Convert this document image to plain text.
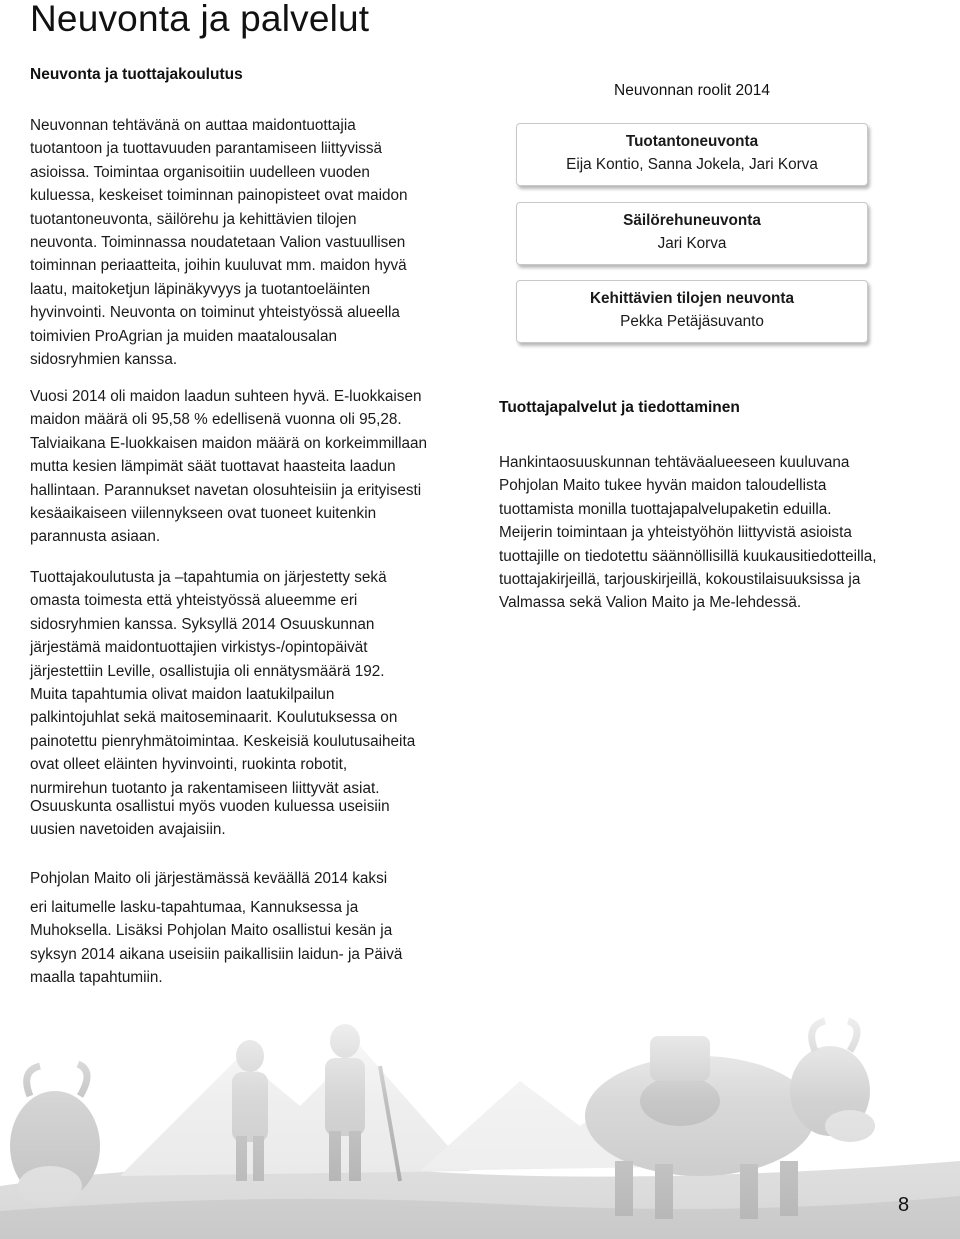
Neuvonta ja palvelut
Neuvonta ja tuottajakoulutus

Neuvonnan tehtävänä on auttaa maidontuottajia
tuotantoon ja tuottavuuden parantamiseen liittyvissä
asioissa. Toimintaa organisoitiin uudelleen vuoden
kuluessa, keskeiset toiminnan painopisteet ovat maidon
tuotantoneuvonta, säilörehu ja kehittävien tilojen
neuvonta. Toiminnassa noudatetaan Valion vastuullisen
toiminnan periaatteita, joihin kuuluvat mm. maidon hyvä
laatu, maitoketjun läpinäkyvyys ja tuotantoeläinten
hyvinvointi. Neuvonta on toiminut yhteistyössä alueella
toimivien ProAgrian ja muiden maatalousalan
sidosryhmien kanssa.

Vuosi 2014 oli maidon laadun suhteen hyvä. E-luokkaisen
maidon määrä oli 95,58 % edellisenä vuonna oli 95,28.
Talviaikana E-luokkaisen maidon määrä on korkeimmillaan
mutta kesien lämpimät säät tuottavat haasteita laadun
hallintaan. Parannukset navetan olosuhteisiin ja erityisesti
kesäaikaiseen viilennykseen ovat tuoneet kuitenkin
parannusta asiaan.

Tuottajakoulutusta ja –tapahtumia on järjestetty sekä
omasta toimesta että yhteistyössä alueemme eri
sidosryhmien kanssa. Syksyllä 2014 Osuuskunnan
järjestämä maidontuottajien virkistys-/opintopäivät
järjestettiin Leville, osallistujia oli ennätysmäärä 192.
Muita tapahtumia olivat maidon laatukilpailun
palkintojuhlat sekä maitoseminaarit. Koulutuksessa on
painotettu pienryhmätoimintaa. Keskeisiä koulutusaiheita
ovat olleet eläinten hyvinvointi, ruokinta robotit,
nurmirehun tuotanto ja rakentamiseen liittyvät asiat.

Osuuskunta osallistui myös vuoden kuluessa useisiin
uusien navetoiden avajaisiin.

Pohjolan Maito oli järjestämässä keväällä 2014 kaksi

eri laitumelle lasku-tapahtumaa, Kannuksessa ja
Muhoksella. Lisäksi Pohjolan Maito osallistui kesän ja
syksyn 2014 aikana useisiin paikallisiin laidun- ja Päivä
maalla tapahtumiin.

Neuvonnan roolit 2014
Tuotantoneuvonta
Eija Kontio, Sanna Jokela, Jari Korva
Säilörehuneuvonta
Jari Korva
Kehittävien tilojen neuvonta
Pekka Petäjäsuvanto
Tuottajapalvelut ja tiedottaminen

Hankintaosuuskunnan tehtäväalueeseen kuuluvana
Pohjolan Maito tukee hyvän maidon taloudellista
tuottamista monilla tuottajapalvelupaketin eduilla.
Meijerin toimintaan ja yhteistyöhön liittyvistä asioista
tuottajille on tiedotettu säännöllisillä kuukausitiedotteilla,
tuottajakirjeillä, tarjouskirjeillä, kokoustilaisuuksissa ja
Valmassa sekä Valion Maito ja Me-lehdessä.

8
